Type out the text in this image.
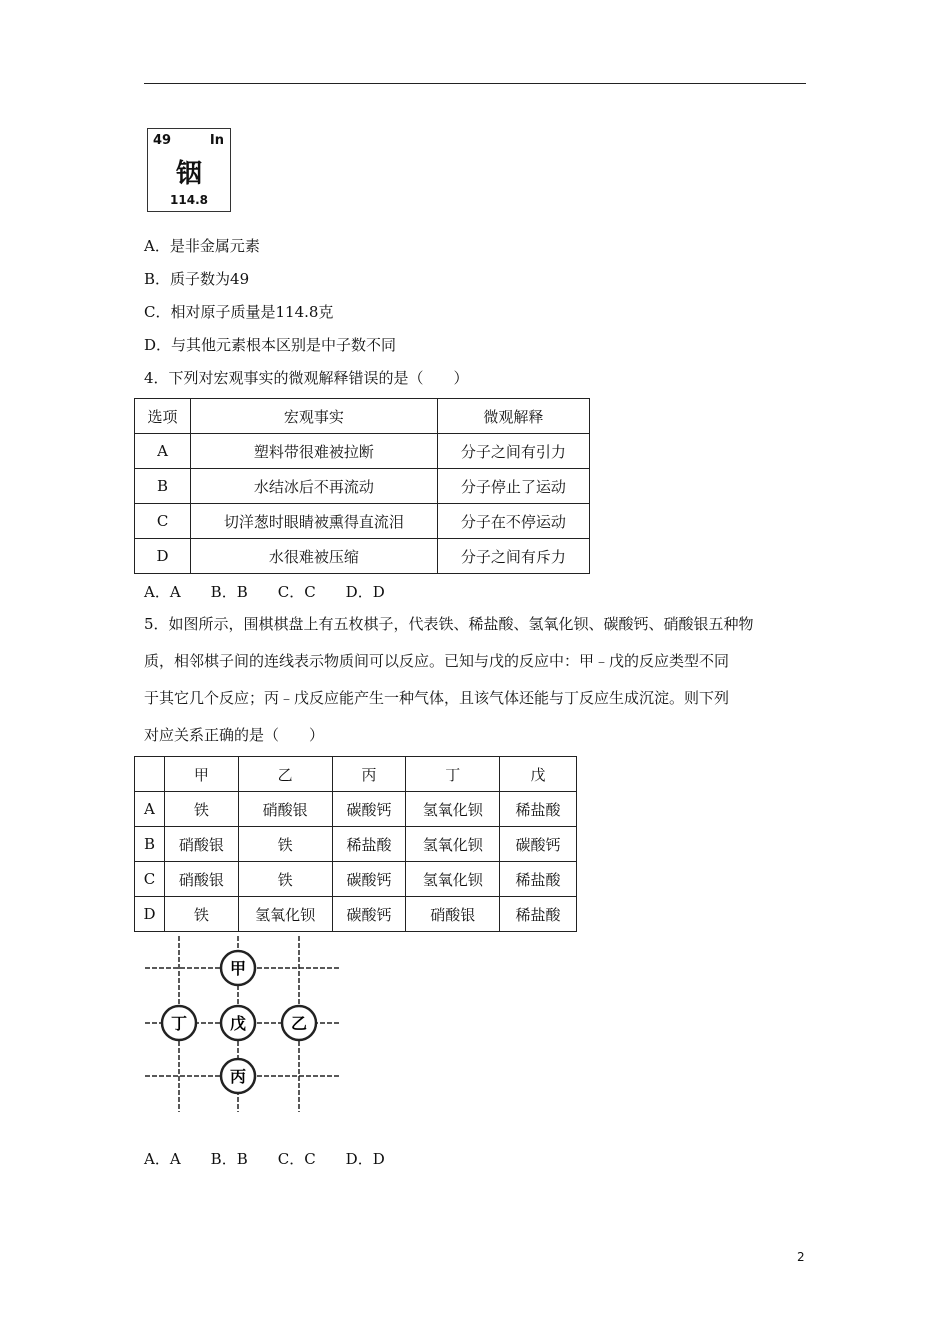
49	In
铟
114.8
A．是非金属元素
B．质子数为49
C．相对原子质量是114.8克
D．与其他元素根本区别是中子数不同
4．下列对宏观事实的微观解释错误的是（　　）
选项	宏观事实	微观解释
A	塑料带很难被拉断	分子之间有引力
B	水结冰后不再流动	分子停止了运动
C	切洋葱时眼睛被熏得直流泪	分子在不停运动
D	水很难被压缩	分子之间有斥力
A．A　　B．B　　C．C　　D．D
5．如图所示，围棋棋盘上有五枚棋子，代表铁、稀盐酸、氢氧化钡、碳酸钙、硝酸银五种物
质，相邻棋子间的连线表示物质间可以反应。已知与戊的反应中：甲﹣戊的反应类型不同
于其它几个反应；丙﹣戊反应能产生一种气体，且该气体还能与丁反应生成沉淀。则下列
对应关系正确的是（　　）
	甲	乙	丙	丁	戊
A	铁	硝酸银	碳酸钙	氢氧化钡	稀盐酸
B	硝酸银	铁	稀盐酸	氢氧化钡	碳酸钙
C	硝酸银	铁	碳酸钙	氢氧化钡	稀盐酸
D	铁	氢氧化钡	碳酸钙	硝酸银	稀盐酸
甲
丁	戊	乙
丙
A．A　　B．B　　C．C　　D．D
2
